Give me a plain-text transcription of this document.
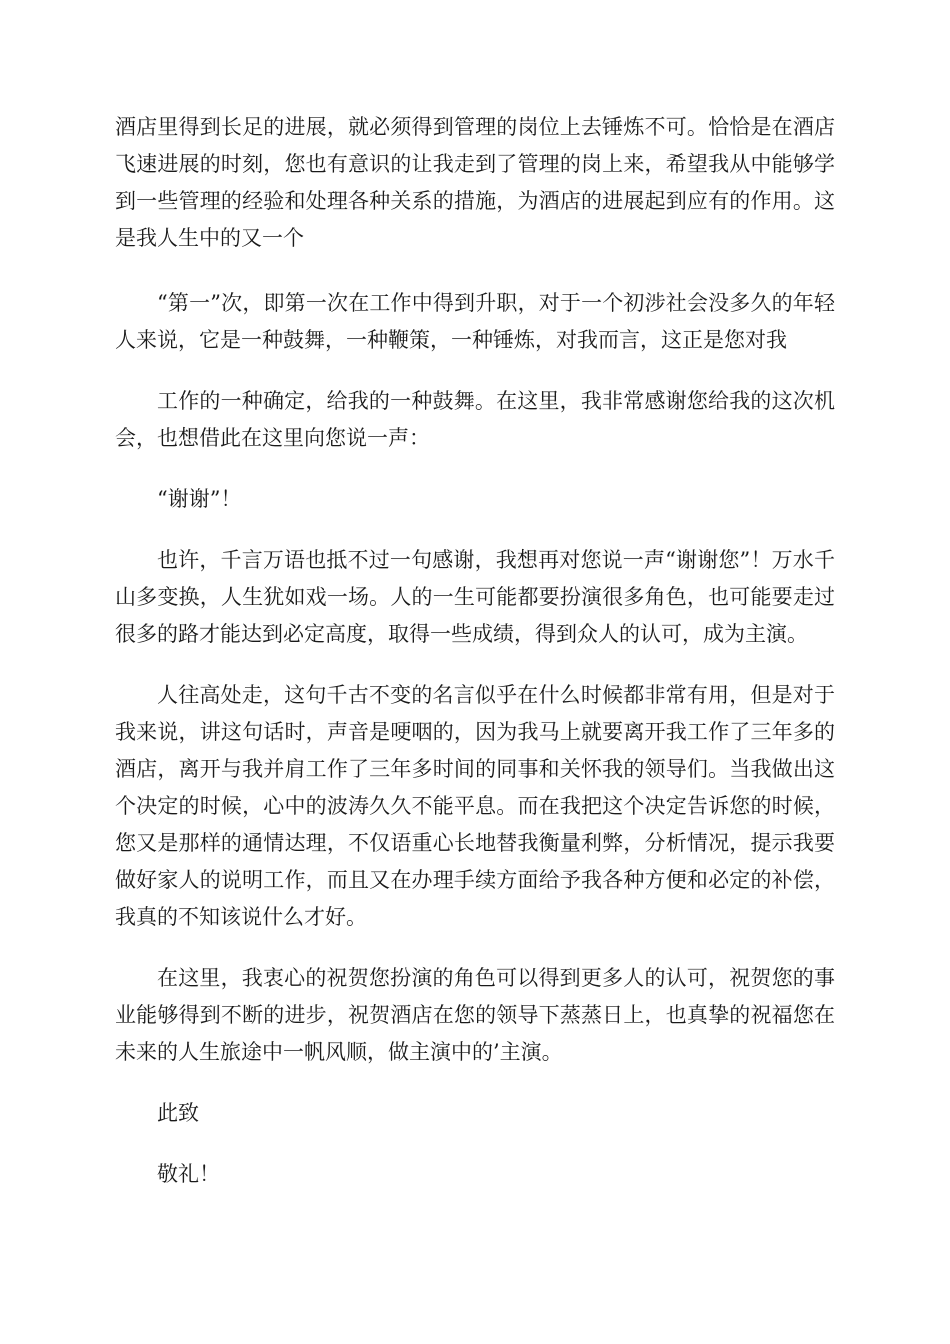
酒店里得到长足的进展，就必须得到管理的岗位上去锤炼不可。恰恰是在酒店飞速进展的时刻，您也有意识的让我走到了管理的岗上来，希望我从中能够学到一些管理的经验和处理各种关系的措施，为酒店的进展起到应有的作用。这是我人生中的又一个

“第一”次，即第一次在工作中得到升职，对于一个初涉社会没多久的年轻人来说，它是一种鼓舞，一种鞭策，一种锤炼，对我而言，这正是您对我

工作的一种确定，给我的一种鼓舞。在这里，我非常感谢您给我的这次机会，也想借此在这里向您说一声：

“谢谢”！

也许，千言万语也抵不过一句感谢，我想再对您说一声“谢谢您”！万水千山多变换，人生犹如戏一场。人的一生可能都要扮演很多角色，也可能要走过很多的路才能达到必定高度，取得一些成绩，得到众人的认可，成为主演。

人往高处走，这句千古不变的名言似乎在什么时候都非常有用，但是对于我来说，讲这句话时，声音是哽咽的，因为我马上就要离开我工作了三年多的酒店，离开与我并肩工作了三年多时间的同事和关怀我的领导们。当我做出这个决定的时候，心中的波涛久久不能平息。而在我把这个决定告诉您的时候，您又是那样的通情达理，不仅语重心长地替我衡量利弊，分析情况，提示我要做好家人的说明工作，而且又在办理手续方面给予我各种方便和必定的补偿，我真的不知该说什么才好。

在这里，我衷心的祝贺您扮演的角色可以得到更多人的认可，祝贺您的事业能够得到不断的进步，祝贺酒店在您的领导下蒸蒸日上，也真挚的祝福您在未来的人生旅途中一帆风顺，做主演中的’主演。

此致

敬礼！
